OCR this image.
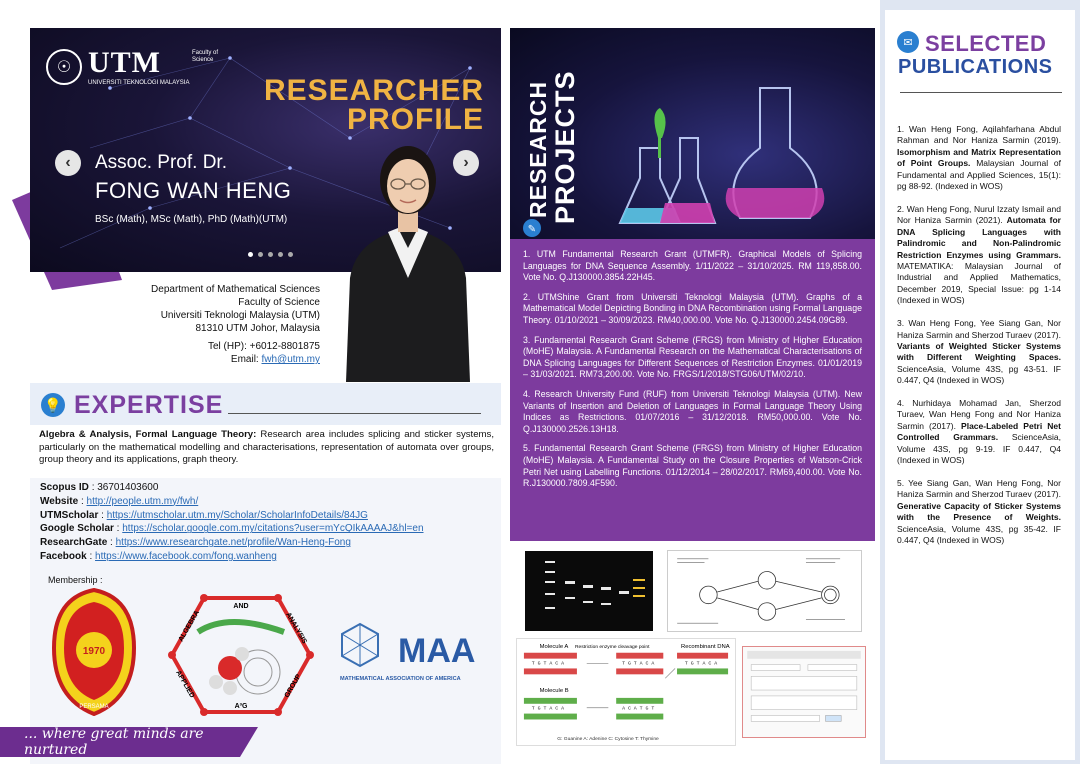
☉ UTM
UNIVERSITI TEKNOLOGI MALAYSIA
Faculty of Science
RESEARCHER
PROFILE
‹	›
Assoc. Prof. Dr.
FONG WAN HENG
BSc (Math), MSc (Math), PhD (Math)(UTM)
Department of Mathematical Sciences
Faculty of Science
Universiti Teknologi Malaysia (UTM)
81310 UTM Johor, Malaysia
Tel (HP): +6012-8801875
Email: fwh@utm.my
💡 EXPERTISE
Algebra & Analysis, Formal Language Theory: Research area includes splicing and sticker systems, particularly on the mathematical modelling and characterisations, representation of automata over groups, group theory and its applications, graph theory.
Scopus ID : 36701403600
Website : http://people.utm.my/fwh/
UTMScholar : https://utmscholar.utm.my/Scholar/ScholarInfoDetails/84JG
Google Scholar : https://scholar.google.com.my/citations?user=mYcQIkAAAAJ&hl=en
ResearchGate : https://www.researchgate.net/profile/Wan-Heng-Fong
Facebook : https://www.facebook.com/fong.wanheng
Membership :
1970
PERSAMA
AND
ALGEBRA
APPLIED
ANALYSIS
GROUP
A³G
MAA
MATHEMATICAL ASSOCIATION OF AMERICA
... where great minds are nurtured
RESEARCH PROJECTS
✎

1. UTM Fundamental Research Grant (UTMFR). Graphical Models of Splicing Languages for DNA Sequence Assembly. 1/11/2022 – 31/10/2025. RM 119,858.00. Vote No. Q.J130000.3854.22H45.

2. UTMShine Grant from Universiti Teknologi Malaysia (UTM). Graphs of a Mathematical Model Depicting Bonding in DNA Recombination using Formal Language Theory. 01/10/2021 – 30/09/2023. RM40,000.00. Vote No. Q.J130000.2454.09G89.

3. Fundamental Research Grant Scheme (FRGS) from Ministry of Higher Education (MoHE) Malaysia. A Fundamental Research on the Mathematical Characterisations of DNA Splicing Languages for Different Sequences of Restriction Enzymes. 01/01/2019 – 31/03/2021. RM73,200.00. Vote No. FRGS/1/2018/STG06/UTM/02/10.

4. Research University Fund (RUF) from Universiti Teknologi Malaysia (UTM). New Variants of Insertion and Deletion of Languages in Formal Language Theory Using Indices as Restrictions. 01/07/2016 – 31/12/2018. RM50,000.00. Vote No. Q.J130000.2526.13H18.

5. Fundamental Research Grant Scheme (FRGS) from Ministry of Higher Education (MoHE) Malaysia. A Fundamental Study on the Closure Properties of Watson-Crick Petri Net using Labelling Functions. 01/12/2014 – 28/02/2017. RM69,400.00. Vote No. R.J130000.7809.4F590.

Molecule A Restriction enzyme cleavage point	Recombinant DNA
Molecule B
T G T A C A
T G T A C A
T G T A C A
A C A T G T
T G T A C A
G: Guanine A: Adenine C: Cytosine T: Thymine
✉ SELECTED
PUBLICATIONS

1. Wan Heng Fong, Aqilahfarhana Abdul Rahman and Nor Haniza Sarmin (2019). Isomorphism and Matrix Representation of Point Groups. Malaysian Journal of Fundamental and Applied Sciences, 15(1): pg 88-92. (Indexed in WOS)

2. Wan Heng Fong, Nurul Izzaty Ismail and Nor Haniza Sarmin (2021). Automata for DNA Splicing Languages with Palindromic and Non-Palindromic Restriction Enzymes using Grammars. MATEMATIKA: Malaysian Journal of Industrial and Applied Mathematics, December 2019, Special Issue: pg 1-14 (Indexed in WOS)

3. Wan Heng Fong, Yee Siang Gan, Nor Haniza Sarmin and Sherzod Turaev (2017). Variants of Weighted Sticker Systems with Different Weighting Spaces. ScienceAsia, Volume 43S, pg 43-51. IF 0.447, Q4 (Indexed in WOS)

4. Nurhidaya Mohamad Jan, Sherzod Turaev, Wan Heng Fong and Nor Haniza Sarmin (2017). Place-Labeled Petri Net Controlled Grammars. ScienceAsia, Volume 43S, pg 9-19. IF 0.447, Q4 (Indexed in WOS)

5. Yee Siang Gan, Wan Heng Fong, Nor Haniza Sarmin and Sherzod Turaev (2017). Generative Capacity of Sticker Systems with the Presence of Weights. ScienceAsia, Volume 43S, pg 35-42. IF 0.447, Q4 (Indexed in WOS)
